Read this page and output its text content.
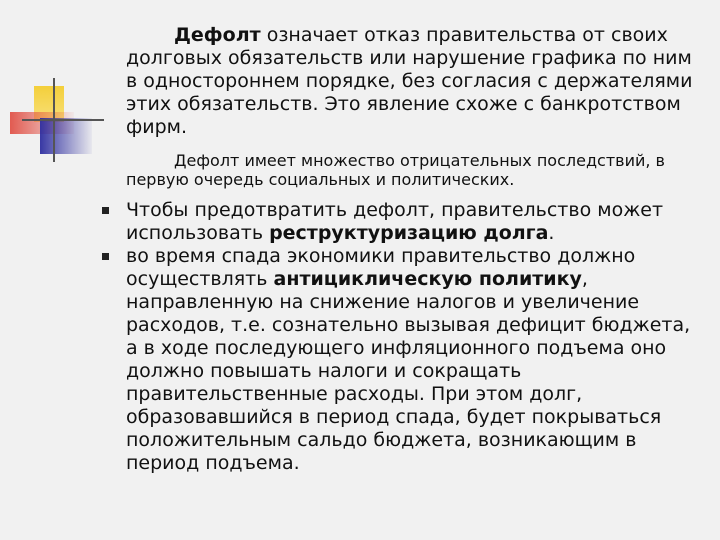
Дефолт означает отказ правительства от своих долговых обязательств или нарушение графика по ним в одностороннем порядке, без согласия с держателями этих обязательств. Это явление схоже с банкротством фирм.

Дефолт имеет множество отрицательных последствий, в первую очередь социальных и политических.

Чтобы предотвратить дефолт, правительство может использовать реструктуризацию долга.
во время спада экономики правительство должно осуществлять антициклическую политику, направленную на снижение налогов и увеличение расходов, т.е. сознательно вызывая дефицит бюджета, а в ходе последующего инфляционного подъема оно должно повышать налоги и сокращать правительственные расходы. При этом долг, образовавшийся в период спада, будет покрываться положительным сальдо бюджета, возникающим в период подъема.
